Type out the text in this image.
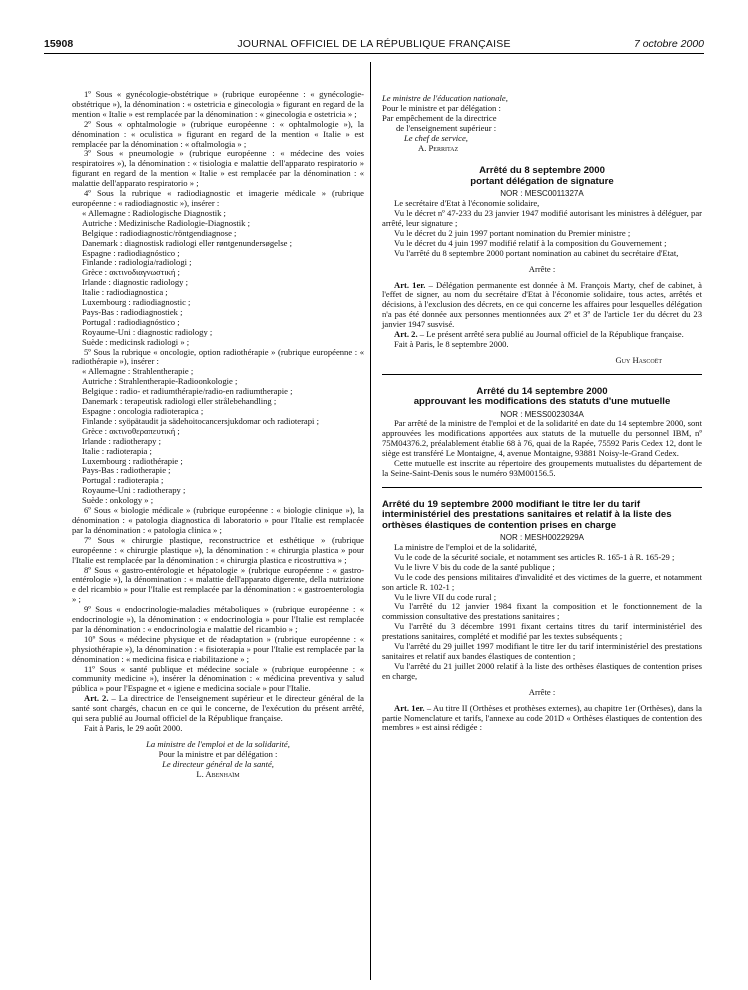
15908	JOURNAL OFFICIEL DE LA RÉPUBLIQUE FRANÇAISE	7 octobre 2000

1º Sous « gynécologie-obstétrique » (rubrique européenne : « gynécologie-obstétrique »), la dénomination : « ostetricia e ginecologia » figurant en regard de la mention « Italie » est remplacée par la dénomination : « ginecologia e ostetricia » ;

2º Sous « ophtalmologie » (rubrique européenne : « ophtalmologie »), la dénomination : « oculistica » figurant en regard de la mention « Italie » est remplacée par la dénomination : « oftalmologia » ;

3º Sous « pneumologie » (rubrique européenne : « médecine des voies respiratoires »), la dénomination : « tisiologia e malattie dell'apparato respiratorio » figurant en regard de la mention « Italie » est remplacée par la dénomination : « malattie dell'apparato respiratorio » ;

4º Sous la rubrique « radiodiagnostic et imagerie médicale » (rubrique européenne : « radiodiagnostic »), insérer :

« Allemagne : Radiologische Diagnostik ;

Autriche : Medizinische Radiologie-Diagnostik ;

Belgique : radiodiagnostic/röntgendiagnose ;

Danemark : diagnostisk radiologi eller røntgenundersøgelse ;

Espagne : radiodiagnóstico ;

Finlande : radiologia/radiologi ;

Grèce : ακτινοδιαγνωστική ;

Irlande : diagnostic radiology ;

Italie : radiodiagnostica ;

Luxembourg : radiodiagnostic ;

Pays-Bas : radiodiagnostiek ;

Portugal : radiodiagnóstico ;

Royaume-Uni : diagnostic radiology ;

Suède : medicinsk radiologi » ;

5º Sous la rubrique « oncologie, option radiothérapie » (rubrique européenne : « radiothérapie »), insérer :

« Allemagne : Strahlentherapie ;

Autriche : Strahlentherapie-Radioonkologie ;

Belgique : radio- et radiumthérapie/radio-en radiumtherapie ;

Danemark : terapeutisk radiologi eller strålebehandling ;

Espagne : oncologia radioterapica ;

Finlande : syöpätaudit ja sädehoitocancersjukdomar och radioterapi ;

Grèce : ακτινοθεραπευτική ;

Irlande : radiotherapy ;

Italie : radioterapia ;

Luxembourg : radiothérapie ;

Pays-Bas : radiotherapie ;

Portugal : radioterapia ;

Royaume-Uni : radiotherapy ;

Suède : onkology » ;

6º Sous « biologie médicale » (rubrique européenne : « biologie clinique »), la dénomination : « patologia diagnostica di laboratorio » pour l'Italie est remplacée par la dénomination : « patologia clinica » ;

7º Sous « chirurgie plastique, reconstructrice et esthétique » (rubrique européenne : « chirurgie plastique »), la dénomination : « chirurgia plastica » pour l'Italie est remplacée par la dénomination : « chirurgia plastica e ricostruttiva » ;

8º Sous « gastro-entérologie et hépatologie » (rubrique européenne : « gastro-entérologie »), la dénomination : « malattie dell'apparato digerente, della nutrizione e del ricambio » pour l'Italie est remplacée par la dénomination : « gastroenterologia » ;

9º Sous « endocrinologie-maladies métaboliques » (rubrique européenne : « endocrinologie »), la dénomination : « endocrinologia » pour l'Italie est remplacée par la dénomination : « endocrinologia e malattie del ricambio » ;

10º Sous « médecine physique et de réadaptation » (rubrique européenne : « physiothérapie »), la dénomination : « fisioterapia » pour l'Italie est remplacée par la dénomination : « medicina fisica e riabilitazione » ;

11º Sous « santé publique et médecine sociale » (rubrique européenne : « community medicine »), insérer la dénomination : « médicina preventiva y salud pública » pour l'Espagne et « igiene e medicina sociale » pour l'Italie.

Art. 2. – La directrice de l'enseignement supérieur et le directeur général de la santé sont chargés, chacun en ce qui le concerne, de l'exécution du présent arrêté, qui sera publié au Journal officiel de la République française.

Fait à Paris, le 29 août 2000.

La ministre de l'emploi et de la solidarité,

Pour la ministre et par délégation :

Le directeur général de la santé,

L. Abenhaïm

Le ministre de l'éducation nationale,

Pour le ministre et par délégation :

Par empêchement de la directrice

de l'enseignement supérieur :

Le chef de service,

A. Perritaz

Arrêté du 8 septembre 2000
portant délégation de signature

NOR : MESC0011327A

Le secrétaire d'Etat à l'économie solidaire,

Vu le décret nº 47-233 du 23 janvier 1947 modifié autorisant les ministres à déléguer, par arrêté, leur signature ;

Vu le décret du 2 juin 1997 portant nomination du Premier ministre ;

Vu le décret du 4 juin 1997 modifié relatif à la composition du Gouvernement ;

Vu l'arrêté du 8 septembre 2000 portant nomination au cabinet du secrétaire d'Etat,

Arrête :

Art. 1er. – Délégation permanente est donnée à M. François Marty, chef de cabinet, à l'effet de signer, au nom du secrétaire d'Etat à l'économie solidaire, tous actes, arrêtés et décisions, à l'exclusion des décrets, en ce qui concerne les affaires pour lesquelles délégation n'a pas été donnée aux personnes mentionnées aux 2º et 3º de l'article 1er du décret du 23 janvier 1947 susvisé.

Art. 2. – Le présent arrêté sera publié au Journal officiel de la République française.

Fait à Paris, le 8 septembre 2000.

Guy Hascoët

Arrêté du 14 septembre 2000
approuvant les modifications des statuts d'une mutuelle

NOR : MESS0023034A

Par arrêté de la ministre de l'emploi et de la solidarité en date du 14 septembre 2000, sont approuvées les modifications apportées aux statuts de la mutuelle du personnel IBM, nº 75M04376.2, préalablement établie 68 à 76, quai de la Rapée, 75592 Paris Cedex 12, dont le siège est transféré Le Montaigne, 4, avenue Montaigne, 93881 Noisy-le-Grand Cedex.

Cette mutuelle est inscrite au répertoire des groupements mutualistes du département de la Seine-Saint-Denis sous le numéro 93M00156.5.

Arrêté du 19 septembre 2000 modifiant le titre Ier du tarif interministériel des prestations sanitaires et relatif à la liste des orthèses élastiques de contention prises en charge

NOR : MESH0022929A

La ministre de l'emploi et de la solidarité,

Vu le code de la sécurité sociale, et notamment ses articles R. 165-1 à R. 165-29 ;

Vu le livre V bis du code de la santé publique ;

Vu le code des pensions militaires d'invalidité et des victimes de la guerre, et notamment son article R. 102-1 ;

Vu le livre VII du code rural ;

Vu l'arrêté du 12 janvier 1984 fixant la composition et le fonctionnement de la commission consultative des prestations sanitaires ;

Vu l'arrêté du 3 décembre 1991 fixant certains titres du tarif interministériel des prestations sanitaires, complété et modifié par les textes subséquents ;

Vu l'arrêté du 29 juillet 1997 modifiant le titre Ier du tarif interministériel des prestations sanitaires et relatif aux bandes élastiques de contention ;

Vu l'arrêté du 21 juillet 2000 relatif à la liste des orthèses élastiques de contention prises en charge,

Arrête :

Art. 1er. – Au titre II (Orthèses et prothèses externes), au chapitre 1er (Orthèses), dans la partie Nomenclature et tarifs, l'annexe au code 201D « Orthèses élastiques de contention des membres » est ainsi rédigée :
